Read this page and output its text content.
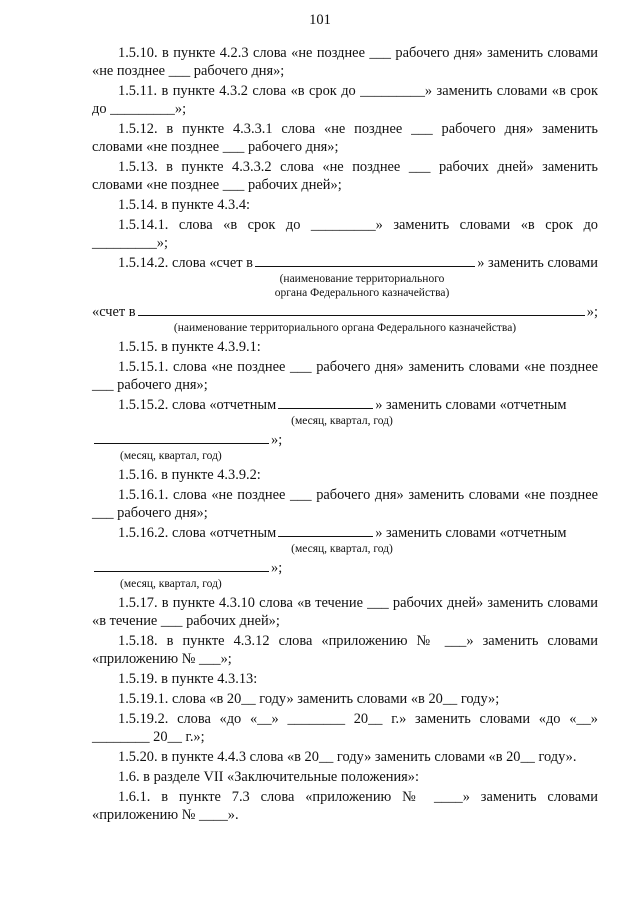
101

1.5.10. в пункте 4.2.3 слова «не позднее ___ рабочего дня» заменить словами «не позднее ___ рабочего дня»;

1.5.11. в пункте 4.3.2 слова «в срок до _________» заменить словами «в срок до _________»;

1.5.12. в пункте 4.3.3.1 слова «не позднее ___ рабочего дня» заменить словами «не позднее ___ рабочего дня»;

1.5.13. в пункте 4.3.3.2 слова «не позднее ___ рабочих дней» заменить словами «не позднее ___ рабочих дней»;

1.5.14. в пункте 4.3.4:

1.5.14.1. слова «в срок до _________» заменить словами «в срок до _________»;

1.5.14.2. слова «счет в	» заменить словами
(наименование территориального органа Федерального казначейства)
«счет в	»;
(наименование территориального органа Федерального казначейства)

1.5.15. в пункте 4.3.9.1:

1.5.15.1. слова «не позднее ___ рабочего дня» заменить словами «не позднее ___ рабочего дня»;

1.5.15.2. слова «отчетным	» заменить словами «отчетным
(месяц, квартал, год)
»;
(месяц, квартал, год)

1.5.16. в пункте 4.3.9.2:

1.5.16.1. слова «не позднее ___ рабочего дня» заменить словами «не позднее ___ рабочего дня»;

1.5.16.2. слова «отчетным	» заменить словами «отчетным
(месяц, квартал, год)
»;
(месяц, квартал, год)

1.5.17. в пункте 4.3.10 слова «в течение ___ рабочих дней» заменить словами «в течение ___ рабочих дней»;

1.5.18. в пункте 4.3.12 слова «приложению № ___» заменить словами «приложению № ___»;

1.5.19. в пункте 4.3.13:

1.5.19.1. слова «в 20__ году» заменить словами «в 20__ году»;

1.5.19.2. слова «до «__» ________ 20__ г.» заменить словами «до «__» ________ 20__ г.»;

1.5.20. в пункте 4.4.3 слова «в 20__ году» заменить словами «в 20__ году».

1.6. в разделе VII «Заключительные положения»:

1.6.1. в пункте 7.3 слова «приложению № ____» заменить словами «приложению № ____».
